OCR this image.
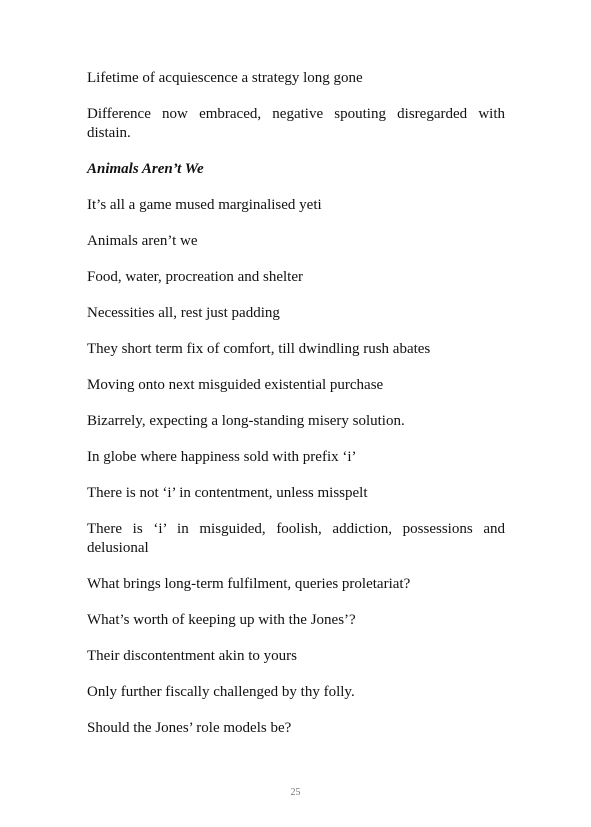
Lifetime of acquiescence a strategy long gone

Difference now embraced, negative spouting disregarded with distain.

Animals Aren’t We

It’s all a game mused marginalised yeti

Animals aren’t we

Food, water, procreation and shelter

Necessities all, rest just padding

They short term fix of comfort, till dwindling rush abates

Moving onto next misguided existential purchase

Bizarrely, expecting a long-standing misery solution.

In globe where happiness sold with prefix ‘i’

There is not ‘i’ in contentment, unless misspelt

There is ‘i’ in misguided, foolish, addiction, possessions and delusional

What brings long-term fulfilment, queries proletariat?

What’s worth of keeping up with the Jones’?

Their discontentment akin to yours

Only further fiscally challenged by thy folly.

Should the Jones’ role models be?

25
